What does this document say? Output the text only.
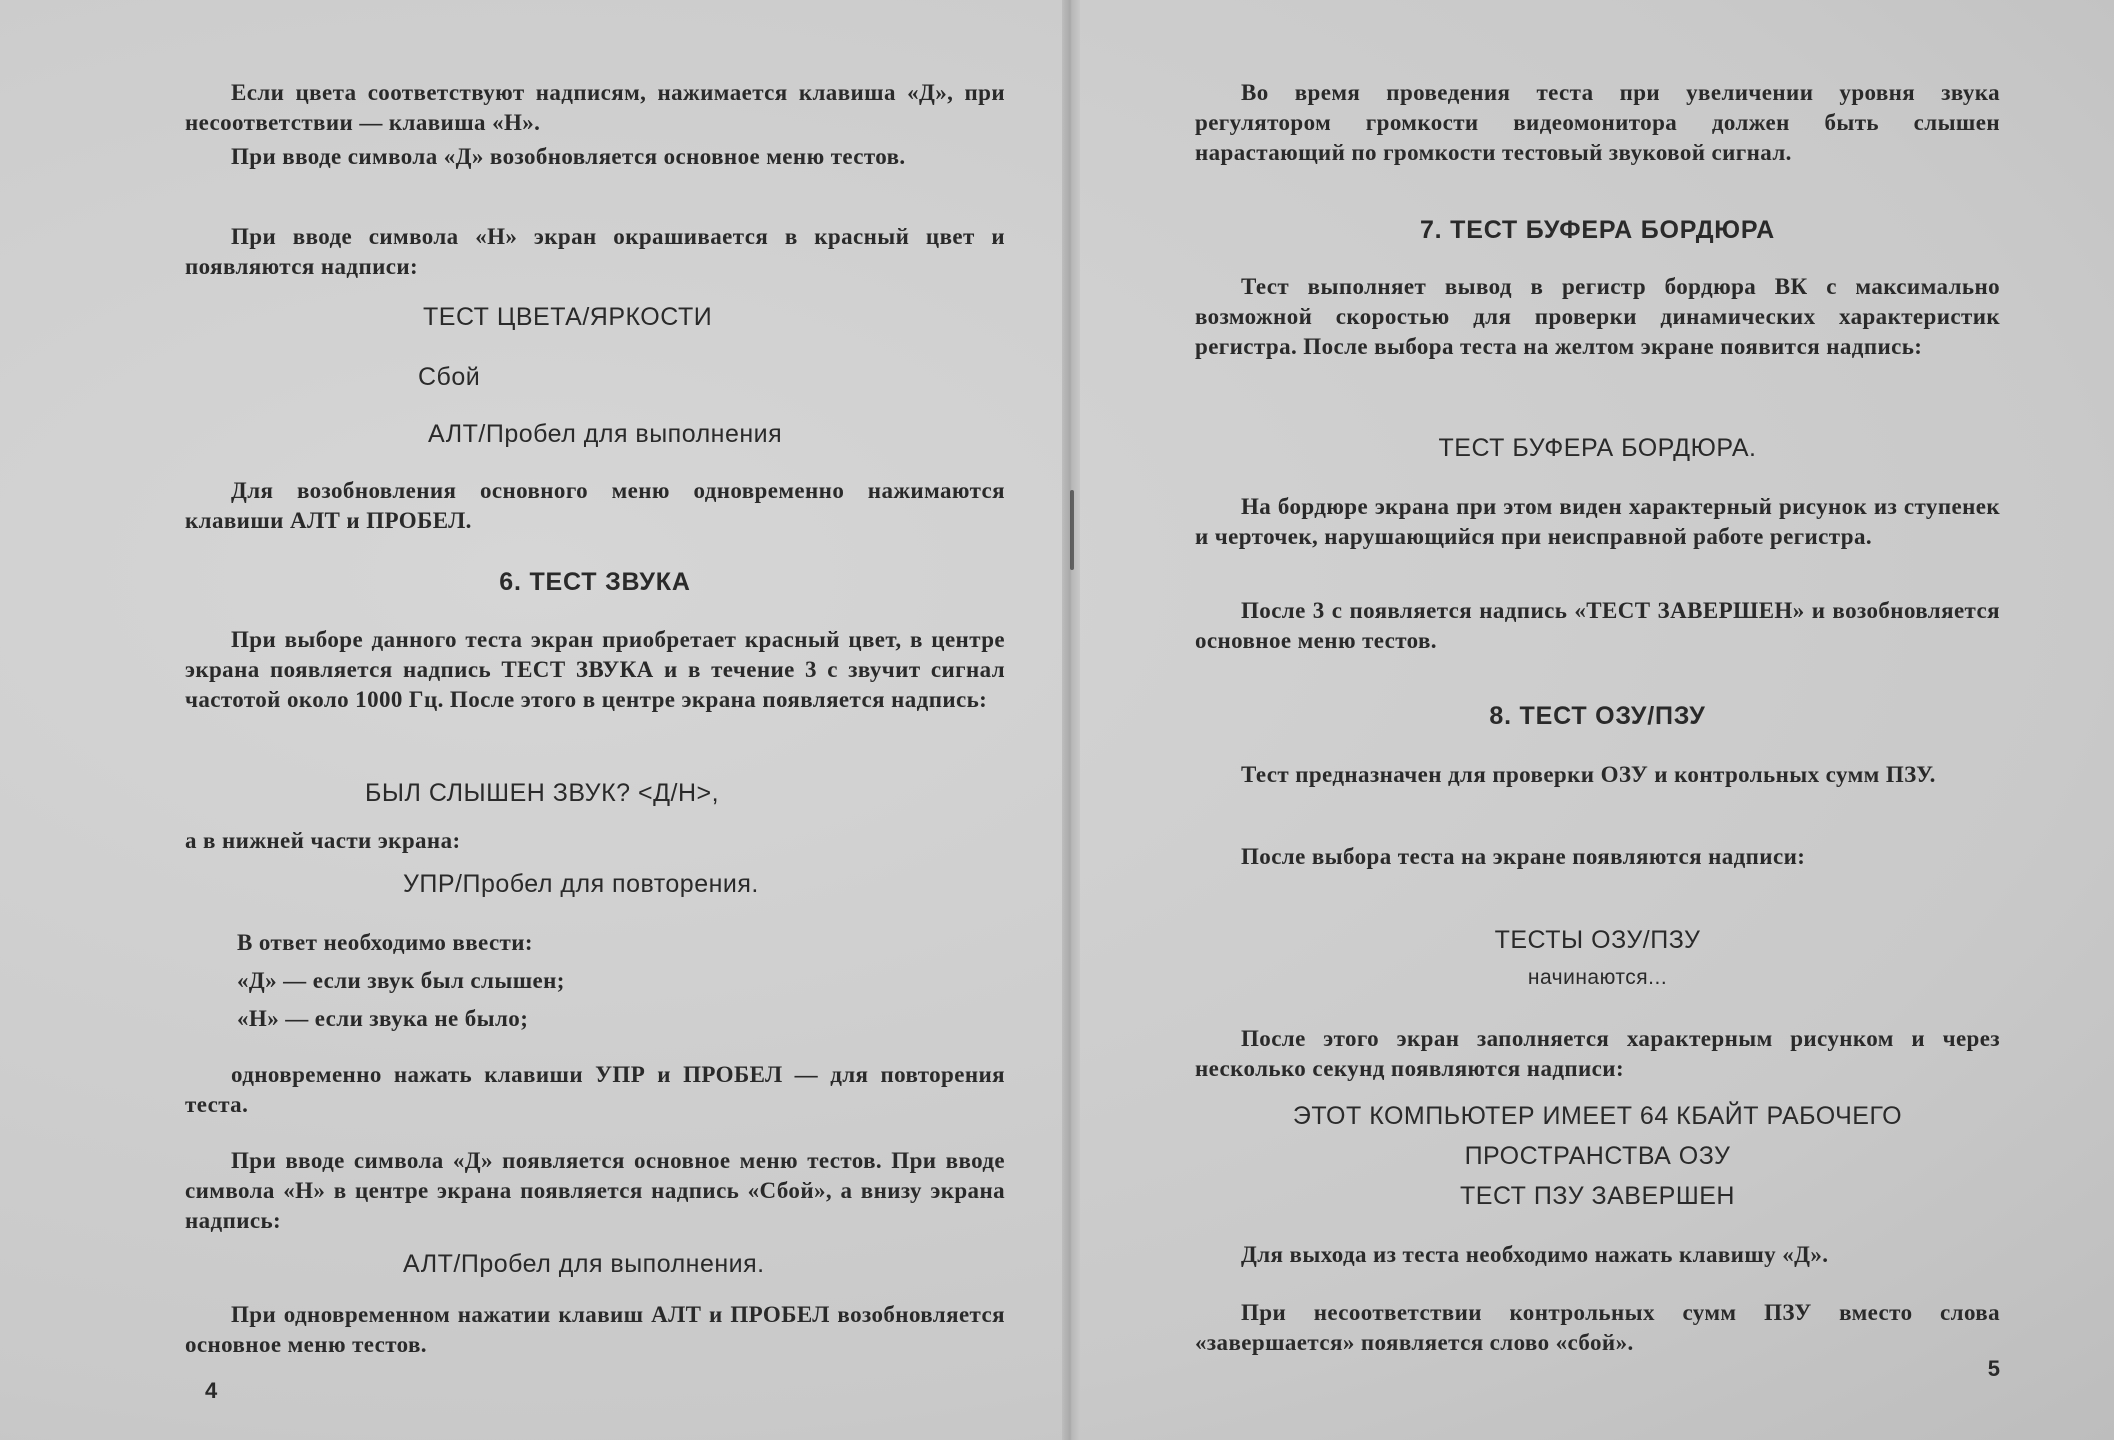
Если цвета соответствуют надписям, нажимается клавиша «Д», при несоответствии — клавиша «Н».

При вводе символа «Д» возобновляется основное меню тестов.

При вводе символа «Н» экран окрашивается в красный цвет и появляются надписи:

ТЕСТ ЦВЕТА/ЯРКОСТИ
Сбой
АЛТ/Пробел для выполнения

Для возобновления основного меню одновременно нажимаются клавиши АЛТ и ПРОБЕЛ.

6. ТЕСТ ЗВУКА

При выборе данного теста экран приобретает красный цвет, в центре экрана появляется надпись ТЕСТ ЗВУКА и в течение 3 с звучит сигнал частотой около 1000 Гц. После этого в центре экрана появляется надпись:

БЫЛ СЛЫШЕН ЗВУК? <Д/Н>,

а в нижней части экрана:

УПР/Пробел для повторения.

В ответ необходимо ввести:

«Д» — если звук был слышен;

«Н» — если звука не было;

одновременно нажать клавиши УПР и ПРОБЕЛ — для повторения теста.

При вводе символа «Д» появляется основное меню тестов. При вводе символа «Н» в центре экрана появляется надпись «Сбой», а внизу экрана надпись:

АЛТ/Пробел для выполнения.

При одновременном нажатии клавиш АЛТ и ПРОБЕЛ возобновляется основное меню тестов.

4

Во время проведения теста при увеличении уровня звука регулятором громкости видеомонитора должен быть слышен нарастающий по громкости тестовый звуковой сигнал.

7. ТЕСТ БУФЕРА БОРДЮРА

Тест выполняет вывод в регистр бордюра ВК с максимально возможной скоростью для проверки динамических характеристик регистра. После выбора теста на желтом экране появится надпись:

ТЕСТ БУФЕРА БОРДЮРА.

На бордюре экрана при этом виден характерный рисунок из ступенек и черточек, нарушающийся при неисправной работе регистра.

После 3 с появляется надпись «ТЕСТ ЗАВЕРШЕН» и возобновляется основное меню тестов.

8. ТЕСТ ОЗУ/ПЗУ

Тест предназначен для проверки ОЗУ и контрольных сумм ПЗУ.

После выбора теста на экране появляются надписи:

ТЕСТЫ ОЗУ/ПЗУ
начинаются...

После этого экран заполняется характерным рисунком и через несколько секунд появляются надписи:

ЭТОТ КОМПЬЮТЕР ИМЕЕТ 64 КБАЙТ РАБОЧЕГО
ПРОСТРАНСТВА ОЗУ
ТЕСТ ПЗУ ЗАВЕРШЕН

Для выхода из теста необходимо нажать клавишу «Д».

При несоответствии контрольных сумм ПЗУ вместо слова «завершается» появляется слово «сбой».

5
